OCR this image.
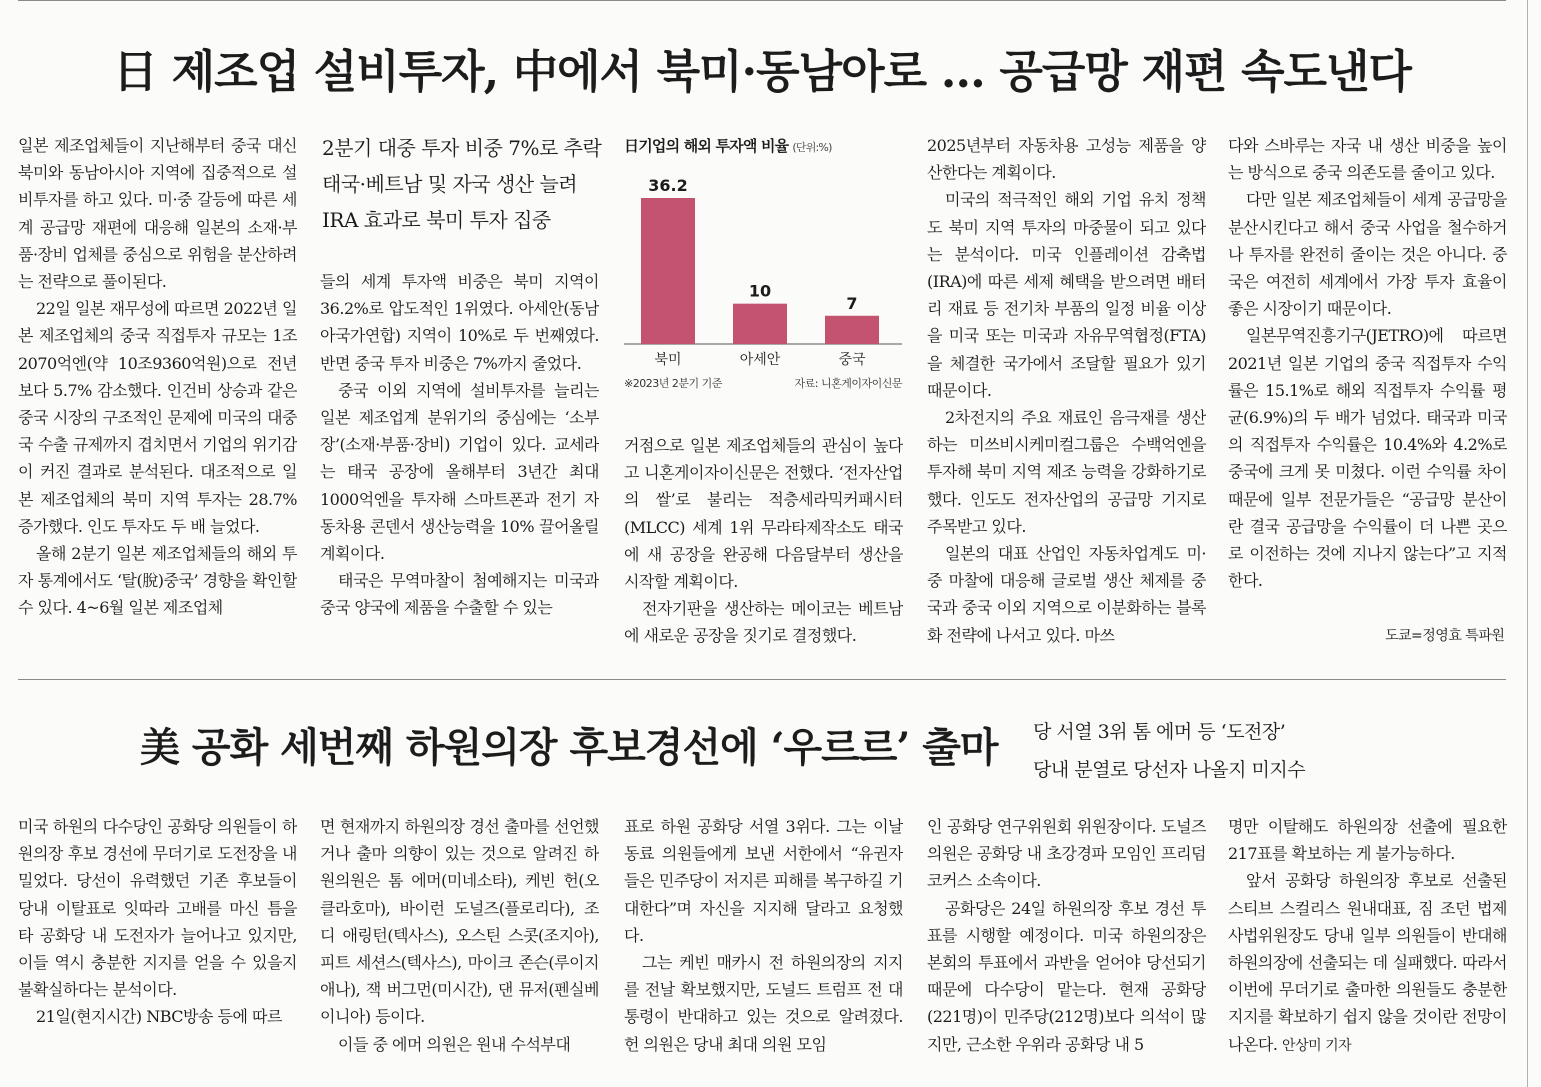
日 제조업 설비투자, 中에서 북미·동남아로 … 공급망 재편 속도낸다

일본 제조업체들이 지난해부터 중국 대신 북미와 동남아시아 지역에 집중적으로 설비투자를 하고 있다. 미·중 갈등에 따른 세계 공급망 재편에 대응해 일본의 소재·부품·장비 업체를 중심으로 위험을 분산하려는 전략으로 풀이된다.

22일 일본 재무성에 따르면 2022년 일본 제조업체의 중국 직접투자 규모는 1조2070억엔(약 10조9360억원)으로 전년보다 5.7% 감소했다. 인건비 상승과 같은 중국 시장의 구조적인 문제에 미국의 대중국 수출 규제까지 겹치면서 기업의 위기감이 커진 결과로 분석된다. 대조적으로 일본 제조업체의 북미 지역 투자는 28.7% 증가했다. 인도 투자도 두 배 늘었다.

올해 2분기 일본 제조업체들의 해외 투자 통계에서도 ‘탈(脫)중국’ 경향을 확인할 수 있다. 4~6월 일본 제조업체

2분기 대중 투자 비중 7%로 추락
태국·베트남 및 자국 생산 늘려
IRA 효과로 북미 투자 집중

들의 세계 투자액 비중은 북미 지역이 36.2%로 압도적인 1위였다. 아세안(동남아국가연합) 지역이 10%로 두 번째였다. 반면 중국 투자 비중은 7%까지 줄었다.

중국 이외 지역에 설비투자를 늘리는 일본 제조업계 분위기의 중심에는 ‘소부장’(소재·부품·장비) 기업이 있다. 교세라는 태국 공장에 올해부터 3년간 최대 1000억엔을 투자해 스마트폰과 전기 자동차용 콘덴서 생산능력을 10% 끌어올릴 계획이다.

태국은 무역마찰이 첨예해지는 미국과 중국 양국에 제품을 수출할 수 있는

日기업의 해외 투자액 비율 (단위:%)
36.2
북미
10
아세안
7
중국
※2023년 2분기 기준	자료: 니혼게이자이신문

거점으로 일본 제조업체들의 관심이 높다고 니혼게이자이신문은 전했다. ‘전자산업의 쌀’로 불리는 적층세라믹커패시터(MLCC) 세계 1위 무라타제작소도 태국에 새 공장을 완공해 다음달부터 생산을 시작할 계획이다.

전자기판을 생산하는 메이코는 베트남에 새로운 공장을 짓기로 결정했다.

2025년부터 자동차용 고성능 제품을 양산한다는 계획이다.

미국의 적극적인 해외 기업 유치 정책도 북미 지역 투자의 마중물이 되고 있다는 분석이다. 미국 인플레이션 감축법(IRA)에 따른 세제 혜택을 받으려면 배터리 재료 등 전기차 부품의 일정 비율 이상을 미국 또는 미국과 자유무역협정(FTA)을 체결한 국가에서 조달할 필요가 있기 때문이다.

2차전지의 주요 재료인 음극재를 생산하는 미쓰비시케미컬그룹은 수백억엔을 투자해 북미 지역 제조 능력을 강화하기로 했다. 인도도 전자산업의 공급망 기지로 주목받고 있다.

일본의 대표 산업인 자동차업계도 미·중 마찰에 대응해 글로벌 생산 체제를 중국과 중국 이외 지역으로 이분화하는 블록화 전략에 나서고 있다. 마쓰

다와 스바루는 자국 내 생산 비중을 높이는 방식으로 중국 의존도를 줄이고 있다.

다만 일본 제조업체들이 세계 공급망을 분산시킨다고 해서 중국 사업을 철수하거나 투자를 완전히 줄이는 것은 아니다. 중국은 여전히 세계에서 가장 투자 효율이 좋은 시장이기 때문이다.

일본무역진흥기구(JETRO)에 따르면 2021년 일본 기업의 중국 직접투자 수익률은 15.1%로 해외 직접투자 수익률 평균(6.9%)의 두 배가 넘었다. 태국과 미국의 직접투자 수익률은 10.4%와 4.2%로 중국에 크게 못 미쳤다. 이런 수익률 차이 때문에 일부 전문가들은 “공급망 분산이란 결국 공급망을 수익률이 더 나쁜 곳으로 이전하는 것에 지나지 않는다”고 지적한다.

도쿄=정영효 특파원
美 공화 세번째 하원의장 후보경선에 ‘우르르’ 출마 당 서열 3위 톰 에머 등 ‘도전장’
당내 분열로 당선자 나올지 미지수

미국 하원의 다수당인 공화당 의원들이 하원의장 후보 경선에 무더기로 도전장을 내밀었다. 당선이 유력했던 기존 후보들이 당내 이탈표로 잇따라 고배를 마신 틈을 타 공화당 내 도전자가 늘어나고 있지만, 이들 역시 충분한 지지를 얻을 수 있을지 불확실하다는 분석이다.

21일(현지시간) NBC방송 등에 따르

면 현재까지 하원의장 경선 출마를 선언했거나 출마 의향이 있는 것으로 알려진 하원의원은 톰 에머(미네소타), 케빈 헌(오클라호마), 바이런 도널즈(플로리다), 조디 애링턴(텍사스), 오스틴 스콧(조지아), 피트 세션스(텍사스), 마이크 존슨(루이지애나), 잭 버그먼(미시간), 댄 뮤저(펜실베이니아) 등이다.

이들 중 에머 의원은 원내 수석부대

표로 하원 공화당 서열 3위다. 그는 이날 동료 의원들에게 보낸 서한에서 “유권자들은 민주당이 저지른 피해를 복구하길 기대한다”며 자신을 지지해 달라고 요청했다.

그는 케빈 매카시 전 하원의장의 지지를 전날 확보했지만, 도널드 트럼프 전 대통령이 반대하고 있는 것으로 알려졌다. 헌 의원은 당내 최대 의원 모임

인 공화당 연구위원회 위원장이다. 도널즈 의원은 공화당 내 초강경파 모임인 프리덤 코커스 소속이다.

공화당은 24일 하원의장 후보 경선 투표를 시행할 예정이다. 미국 하원의장은 본회의 투표에서 과반을 얻어야 당선되기 때문에 다수당이 맡는다. 현재 공화당(221명)이 민주당(212명)보다 의석이 많지만, 근소한 우위라 공화당 내 5

명만 이탈해도 하원의장 선출에 필요한 217표를 확보하는 게 불가능하다.

앞서 공화당 하원의장 후보로 선출된 스티브 스컬리스 원내대표, 짐 조던 법제사법위원장도 당내 일부 의원들이 반대해 하원의장에 선출되는 데 실패했다. 따라서 이번에 무더기로 출마한 의원들도 충분한 지지를 확보하기 쉽지 않을 것이란 전망이 나온다. 안상미 기자
